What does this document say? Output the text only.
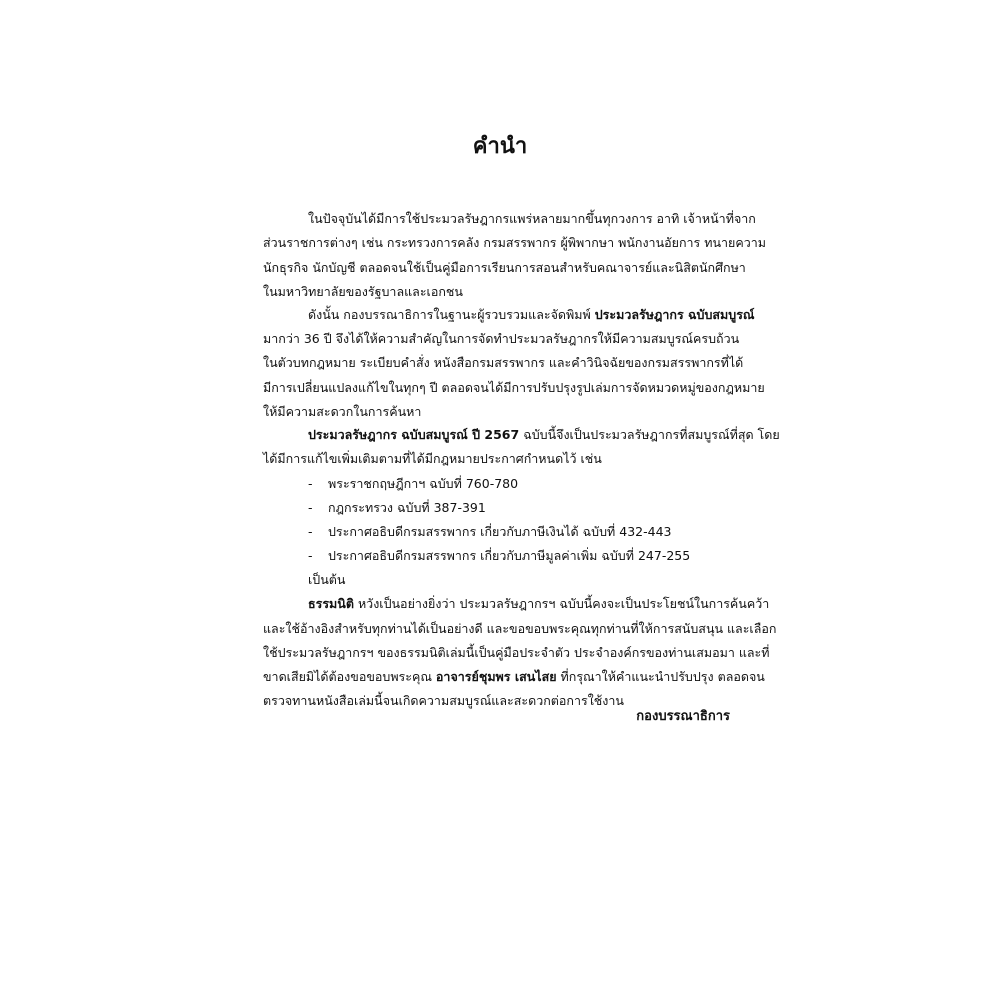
คำนำ
ในปัจจุบันได้มีการใช้ประมวลรัษฎากรแพร่หลายมากขึ้นทุกวงการ อาทิ เจ้าหน้าที่จาก
ส่วนราชการต่างๆ เช่น กระทรวงการคลัง กรมสรรพากร ผู้พิพากษา พนักงานอัยการ ทนายความ
นักธุรกิจ นักบัญชี ตลอดจนใช้เป็นคู่มือการเรียนการสอนสำหรับคณาจารย์และนิสิตนักศึกษา
ในมหาวิทยาลัยของรัฐบาลและเอกชน
ดังนั้น กองบรรณาธิการในฐานะผู้รวบรวมและจัดพิมพ์ ประมวลรัษฎากร ฉบับสมบูรณ์
มากว่า 36 ปี จึงได้ให้ความสำคัญในการจัดทำประมวลรัษฎากรให้มีความสมบูรณ์ครบถ้วน
ในตัวบทกฎหมาย ระเบียบคำสั่ง หนังสือกรมสรรพากร และคำวินิจฉัยของกรมสรรพากรที่ได้
มีการเปลี่ยนแปลงแก้ไขในทุกๆ ปี ตลอดจนได้มีการปรับปรุงรูปเล่มการจัดหมวดหมู่ของกฎหมาย
ให้มีความสะดวกในการค้นหา
ประมวลรัษฎากร ฉบับสมบูรณ์ ปี 2567 ฉบับนี้จึงเป็นประมวลรัษฎากรที่สมบูรณ์ที่สุด โดย
ได้มีการแก้ไขเพิ่มเติมตามที่ได้มีกฎหมายประกาศกำหนดไว้ เช่น
- พระราชกฤษฎีกาฯ ฉบับที่ 760-780
- กฎกระทรวง ฉบับที่ 387-391
- ประกาศอธิบดีกรมสรรพากร เกี่ยวกับภาษีเงินได้ ฉบับที่ 432-443
- ประกาศอธิบดีกรมสรรพากร เกี่ยวกับภาษีมูลค่าเพิ่ม ฉบับที่ 247-255
เป็นต้น
ธรรมนิติ หวังเป็นอย่างยิ่งว่า ประมวลรัษฎากรฯ ฉบับนี้คงจะเป็นประโยชน์ในการค้นคว้า
และใช้อ้างอิงสำหรับทุกท่านได้เป็นอย่างดี และขอขอบพระคุณทุกท่านที่ให้การสนับสนุน และเลือก
ใช้ประมวลรัษฎากรฯ ของธรรมนิติเล่มนี้เป็นคู่มือประจำตัว ประจำองค์กรของท่านเสมอมา และที่
ขาดเสียมิได้ต้องขอขอบพระคุณ อาจารย์ชุมพร เสนไสย ที่กรุณาให้คำแนะนำปรับปรุง ตลอดจน
ตรวจทานหนังสือเล่มนี้จนเกิดความสมบูรณ์และสะดวกต่อการใช้งาน
กองบรรณาธิการ
